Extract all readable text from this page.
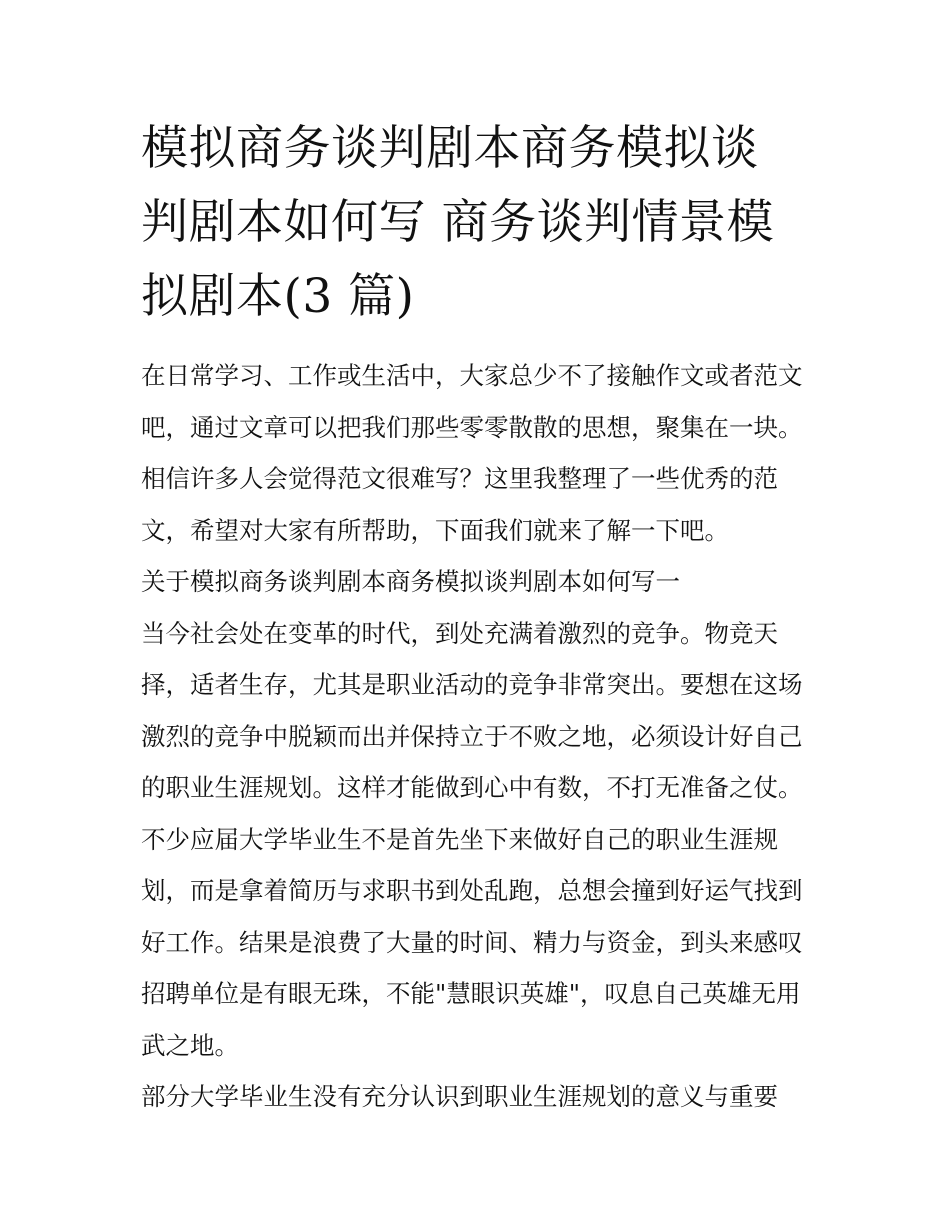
模拟商务谈判剧本商务模拟谈
判剧本如何写 商务谈判情景模
拟剧本(3 篇)

在日常学习、工作或生活中，大家总少不了接触作文或者范文
吧，通过文章可以把我们那些零零散散的思想，聚集在一块。
相信许多人会觉得范文很难写？这里我整理了一些优秀的范
文，希望对大家有所帮助，下面我们就来了解一下吧。

关于模拟商务谈判剧本商务模拟谈判剧本如何写一

当今社会处在变革的时代，到处充满着激烈的竞争。物竞天
择，适者生存，尤其是职业活动的竞争非常突出。要想在这场
激烈的竞争中脱颖而出并保持立于不败之地，必须设计好自己
的职业生涯规划。这样才能做到心中有数，不打无准备之仗。
不少应届大学毕业生不是首先坐下来做好自己的职业生涯规
划，而是拿着简历与求职书到处乱跑，总想会撞到好运气找到
好工作。结果是浪费了大量的时间、精力与资金，到头来感叹
招聘单位是有眼无珠，不能"慧眼识英雄"，叹息自己英雄无用
武之地。

部分大学毕业生没有充分认识到职业生涯规划的意义与重要
